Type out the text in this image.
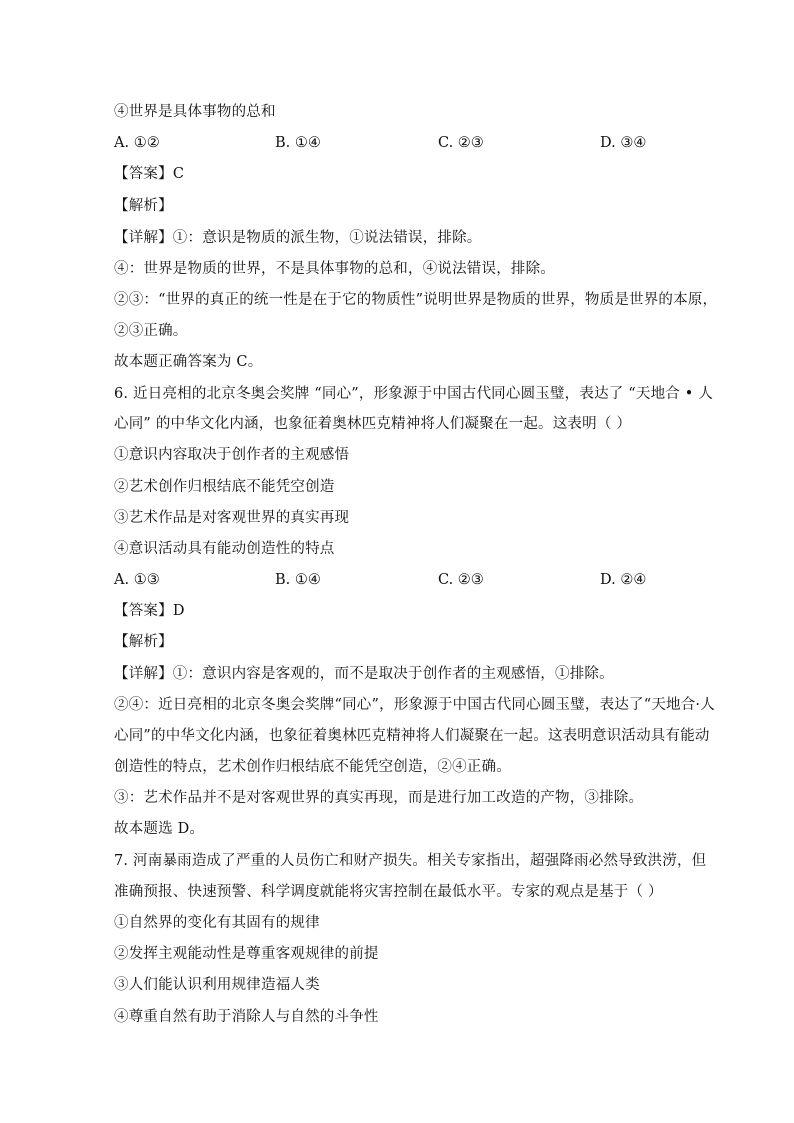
④世界是具体事物的总和
A. ①②	B. ①④	C. ②③	D. ③④
【答案】C
【解析】
【详解】①：意识是物质的派生物，①说法错误，排除。
④：世界是物质的世界，不是具体事物的总和，④说法错误，排除。
②③：“世界的真正的统一性是在于它的物质性”说明世界是物质的世界，物质是世界的本原，
②③正确。
故本题正确答案为 C。
6. 近日亮相的北京冬奥会奖牌 “同心”，形象源于中国古代同心圆玉璧，表达了 “天地合 • 人
心同” 的中华文化内涵，也象征着奥林匹克精神将人们凝聚在一起。这表明（ ）
①意识内容取决于创作者的主观感悟
②艺术创作归根结底不能凭空创造
③艺术作品是对客观世界的真实再现
④意识活动具有能动创造性的特点
A. ①③	B. ①④	C. ②③	D. ②④
【答案】D
【解析】
【详解】①：意识内容是客观的，而不是取决于创作者的主观感悟，①排除。
②④：近日亮相的北京冬奥会奖牌“同心”，形象源于中国古代同心圆玉璧，表达了“天地合·人
心同”的中华文化内涵，也象征着奥林匹克精神将人们凝聚在一起。这表明意识活动具有能动
创造性的特点，艺术创作归根结底不能凭空创造，②④正确。
③：艺术作品并不是对客观世界的真实再现，而是进行加工改造的产物，③排除。
故本题选 D。
7. 河南暴雨造成了严重的人员伤亡和财产损失。相关专家指出，超强降雨必然导致洪涝，但
准确预报、快速预警、科学调度就能将灾害控制在最低水平。专家的观点是基于（ ）
①自然界的变化有其固有的规律
②发挥主观能动性是尊重客观规律的前提
③人们能认识利用规律造福人类
④尊重自然有助于消除人与自然的斗争性
